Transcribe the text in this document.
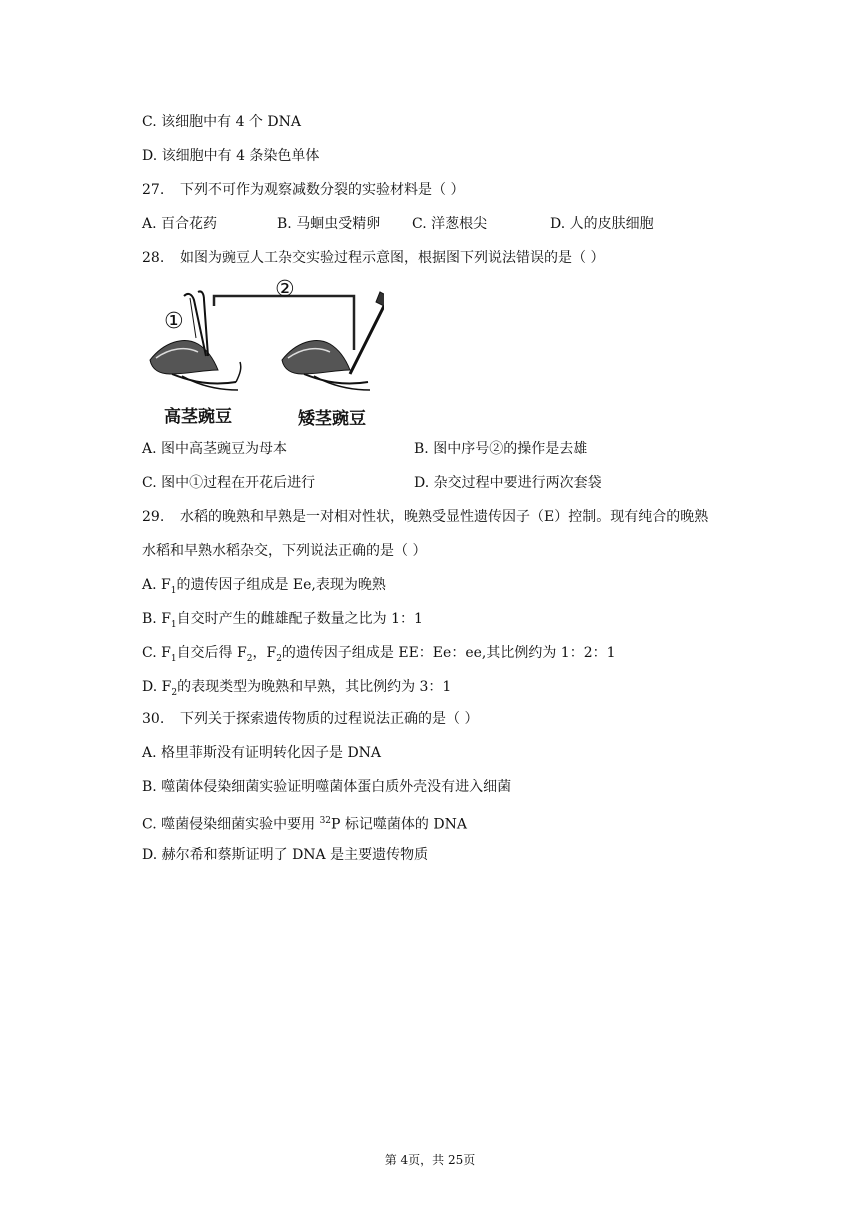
C. 该细胞中有 4 个 DNA
D. 该细胞中有 4 条染色单体
27. 下列不可作为观察减数分裂的实验材料是（ ）
A. 百合花药	B. 马蛔虫受精卵 C. 洋葱根尖	D. 人的皮肤细胞
28. 如图为豌豆人工杂交实验过程示意图，根据图下列说法错误的是（ ）
①
②
高茎豌豆	矮茎豌豆
A. 图中高茎豌豆为母本	B. 图中序号②的操作是去雄
C. 图中①过程在开花后进行	D. 杂交过程中要进行两次套袋
29. 水稻的晚熟和早熟是一对相对性状，晚熟受显性遗传因子（E）控制。现有纯合的晚熟
水稻和早熟水稻杂交，下列说法正确的是（ ）
A. $F_1$的遗传因子组成是 Ee,表现为晚熟
B. $F_1$自交时产生的雌雄配子数量之比为 1：1
C. $F_1$自交后得 $F_2$，$F_2$的遗传因子组成是 EE：Ee：ee,其比例约为 1：2：1
D. $F_2$的表现类型为晚熟和早熟，其比例约为 3：1
30. 下列关于探索遗传物质的过程说法正确的是（ ）
A. 格里菲斯没有证明转化因子是 DNA
B. 噬菌体侵染细菌实验证明噬菌体蛋白质外壳没有进入细菌
C. 噬菌侵染细菌实验中要用 $^{32}$P 标记噬菌体的 DNA
D. 赫尔希和蔡斯证明了 DNA 是主要遗传物质
第 4页，共 25页
